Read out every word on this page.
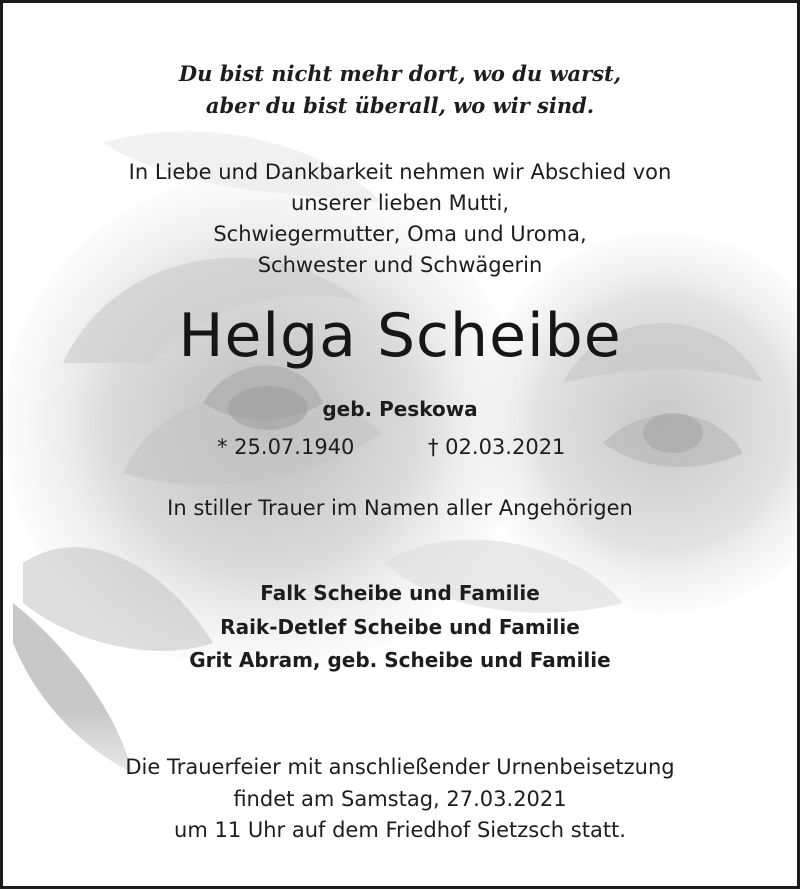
Du bist nicht mehr dort, wo du warst,
aber du bist überall, wo wir sind.
In Liebe und Dankbarkeit nehmen wir Abschied von
unserer lieben Mutti,
Schwiegermutter, Oma und Uroma,
Schwester und Schwägerin
Helga Scheibe
geb. Peskowa
* 25.07.1940	† 02.03.2021
In stiller Trauer im Namen aller Angehörigen
Falk Scheibe und Familie
Raik-Detlef Scheibe und Familie
Grit Abram, geb. Scheibe und Familie
Die Trauerfeier mit anschließender Urnenbeisetzung
findet am Samstag, 27.03.2021
um 11 Uhr auf dem Friedhof Sietzsch statt.
